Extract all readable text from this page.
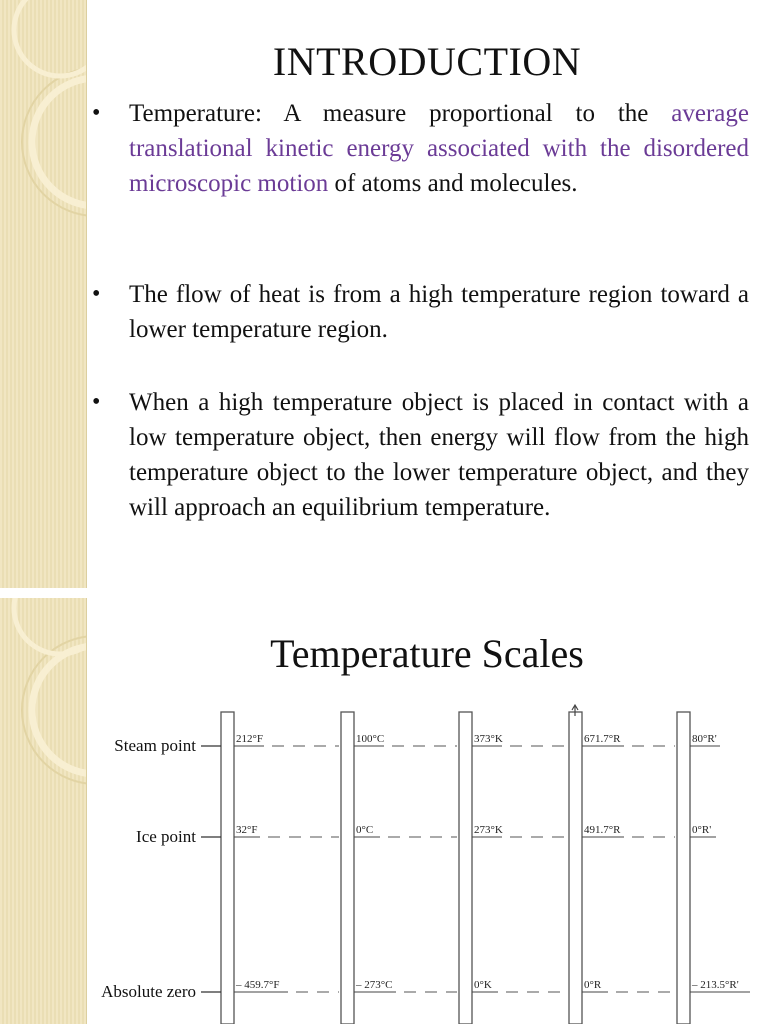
INTRODUCTION
• Temperature: A measure proportional to the average translational kinetic energy associated with the disordered microscopic motion of atoms and molecules.

• The flow of heat is from a high temperature region toward a lower temperature region.

• When a high temperature object is placed in contact with a low temperature object, then energy will flow from the high temperature object to the lower temperature object, and they will approach an equilibrium temperature.

Temperature Scales
Steam point	212°F	100°C	373°K	671.7°R	80°R'
Ice point	32°F	0°C	273°K	491.7°R	0°R'
Absolute zero	– 459.7°F	– 273°C	0°K	0°R	– 213.5°R'
